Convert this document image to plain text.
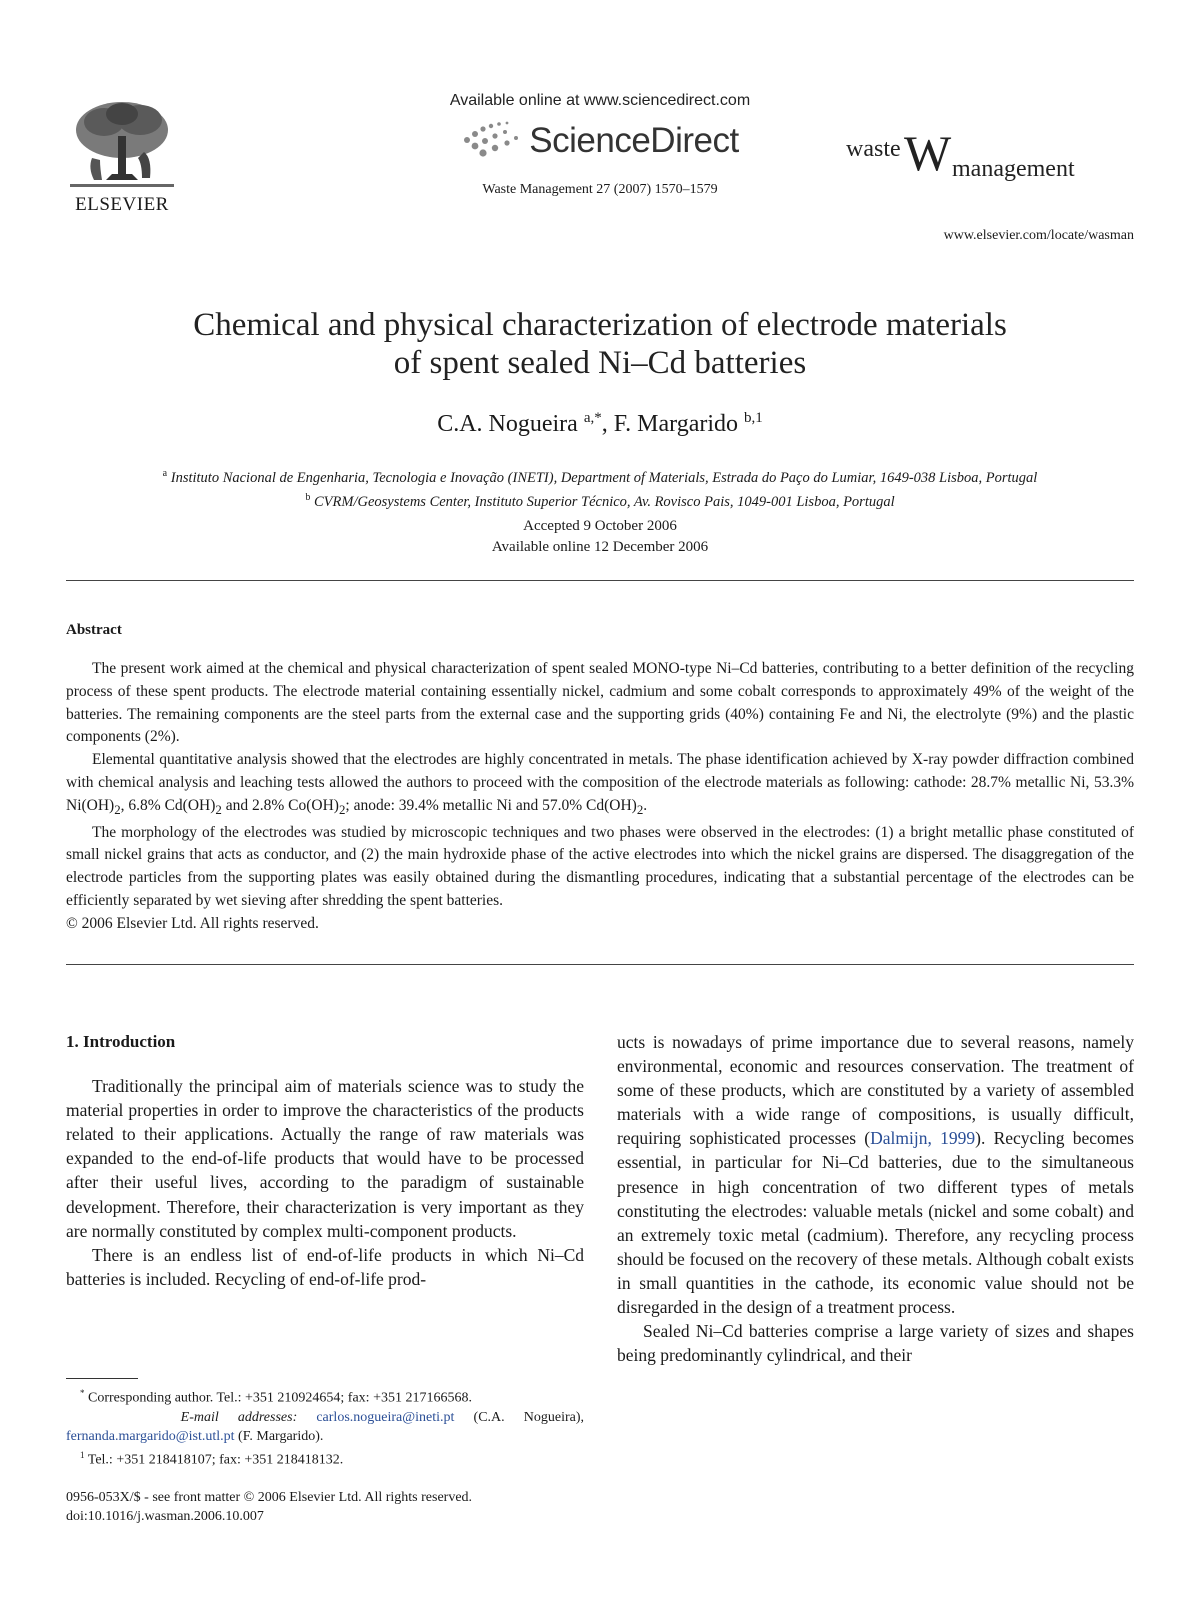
ELSEVIER
Available online at www.sciencedirect.com
ScienceDirect
Waste Management 27 (2007) 1570–1579
waste W management
www.elsevier.com/locate/wasman
Chemical and physical characterization of electrode materials
of spent sealed Ni–Cd batteries
C.A. Nogueira $^{a,*}$, F. Margarido $^{b,1}$
$^a$ Instituto Nacional de Engenharia, Tecnologia e Inovação (INETI), Department of Materials, Estrada do Paço do Lumiar, 1649-038 Lisboa, Portugal
$^b$ CVRM/Geosystems Center, Instituto Superior Técnico, Av. Rovisco Pais, 1049-001 Lisboa, Portugal
Accepted 9 October 2006
Available online 12 December 2006
Abstract

The present work aimed at the chemical and physical characterization of spent sealed MONO-type Ni–Cd batteries, contributing to a better definition of the recycling process of these spent products. The electrode material containing essentially nickel, cadmium and some cobalt corresponds to approximately 49% of the weight of the batteries. The remaining components are the steel parts from the external case and the supporting grids (40%) containing Fe and Ni, the electrolyte (9%) and the plastic components (2%).

Elemental quantitative analysis showed that the electrodes are highly concentrated in metals. The phase identification achieved by X-ray powder diffraction combined with chemical analysis and leaching tests allowed the authors to proceed with the composition of the electrode materials as following: cathode: 28.7% metallic Ni, 53.3% $Ni(OH)_2$, 6.8% $Cd(OH)_2$ and 2.8% $Co(OH)_2$; anode: 39.4% metallic Ni and 57.0% $Cd(OH)_2$.

The morphology of the electrodes was studied by microscopic techniques and two phases were observed in the electrodes: (1) a bright metallic phase constituted of small nickel grains that acts as conductor, and (2) the main hydroxide phase of the active electrodes into which the nickel grains are dispersed. The disaggregation of the electrode particles from the supporting plates was easily obtained during the dismantling procedures, indicating that a substantial percentage of the electrodes can be efficiently separated by wet sieving after shredding the spent batteries.

© 2006 Elsevier Ltd. All rights reserved.

1. Introduction

Traditionally the principal aim of materials science was to study the material properties in order to improve the characteristics of the products related to their applications. Actually the range of raw materials was expanded to the end-of-life products that would have to be processed after their useful lives, according to the paradigm of sustainable development. Therefore, their characterization is very important as they are normally constituted by complex multi-component products.

There is an endless list of end-of-life products in which Ni–Cd batteries is included. Recycling of end-of-life prod-

ucts is nowadays of prime importance due to several reasons, namely environmental, economic and resources conservation. The treatment of some of these products, which are constituted by a variety of assembled materials with a wide range of compositions, is usually difficult, requiring sophisticated processes (Dalmijn, 1999). Recycling becomes essential, in particular for Ni–Cd batteries, due to the simultaneous presence in high concentration of two different types of metals constituting the electrodes: valuable metals (nickel and some cobalt) and an extremely toxic metal (cadmium). Therefore, any recycling process should be focused on the recovery of these metals. Although cobalt exists in small quantities in the cathode, its economic value should not be disregarded in the design of a treatment process.

Sealed Ni–Cd batteries comprise a large variety of sizes and shapes being predominantly cylindrical, and their

* Corresponding author. Tel.: +351 210924654; fax: +351 217166568.

E-mail addresses: carlos.nogueira@ineti.pt (C.A. Nogueira), fernanda.margarido@ist.utl.pt (F. Margarido).

$^1$ Tel.: +351 218418107; fax: +351 218418132.

0956-053X/$ - see front matter © 2006 Elsevier Ltd. All rights reserved.
doi:10.1016/j.wasman.2006.10.007
